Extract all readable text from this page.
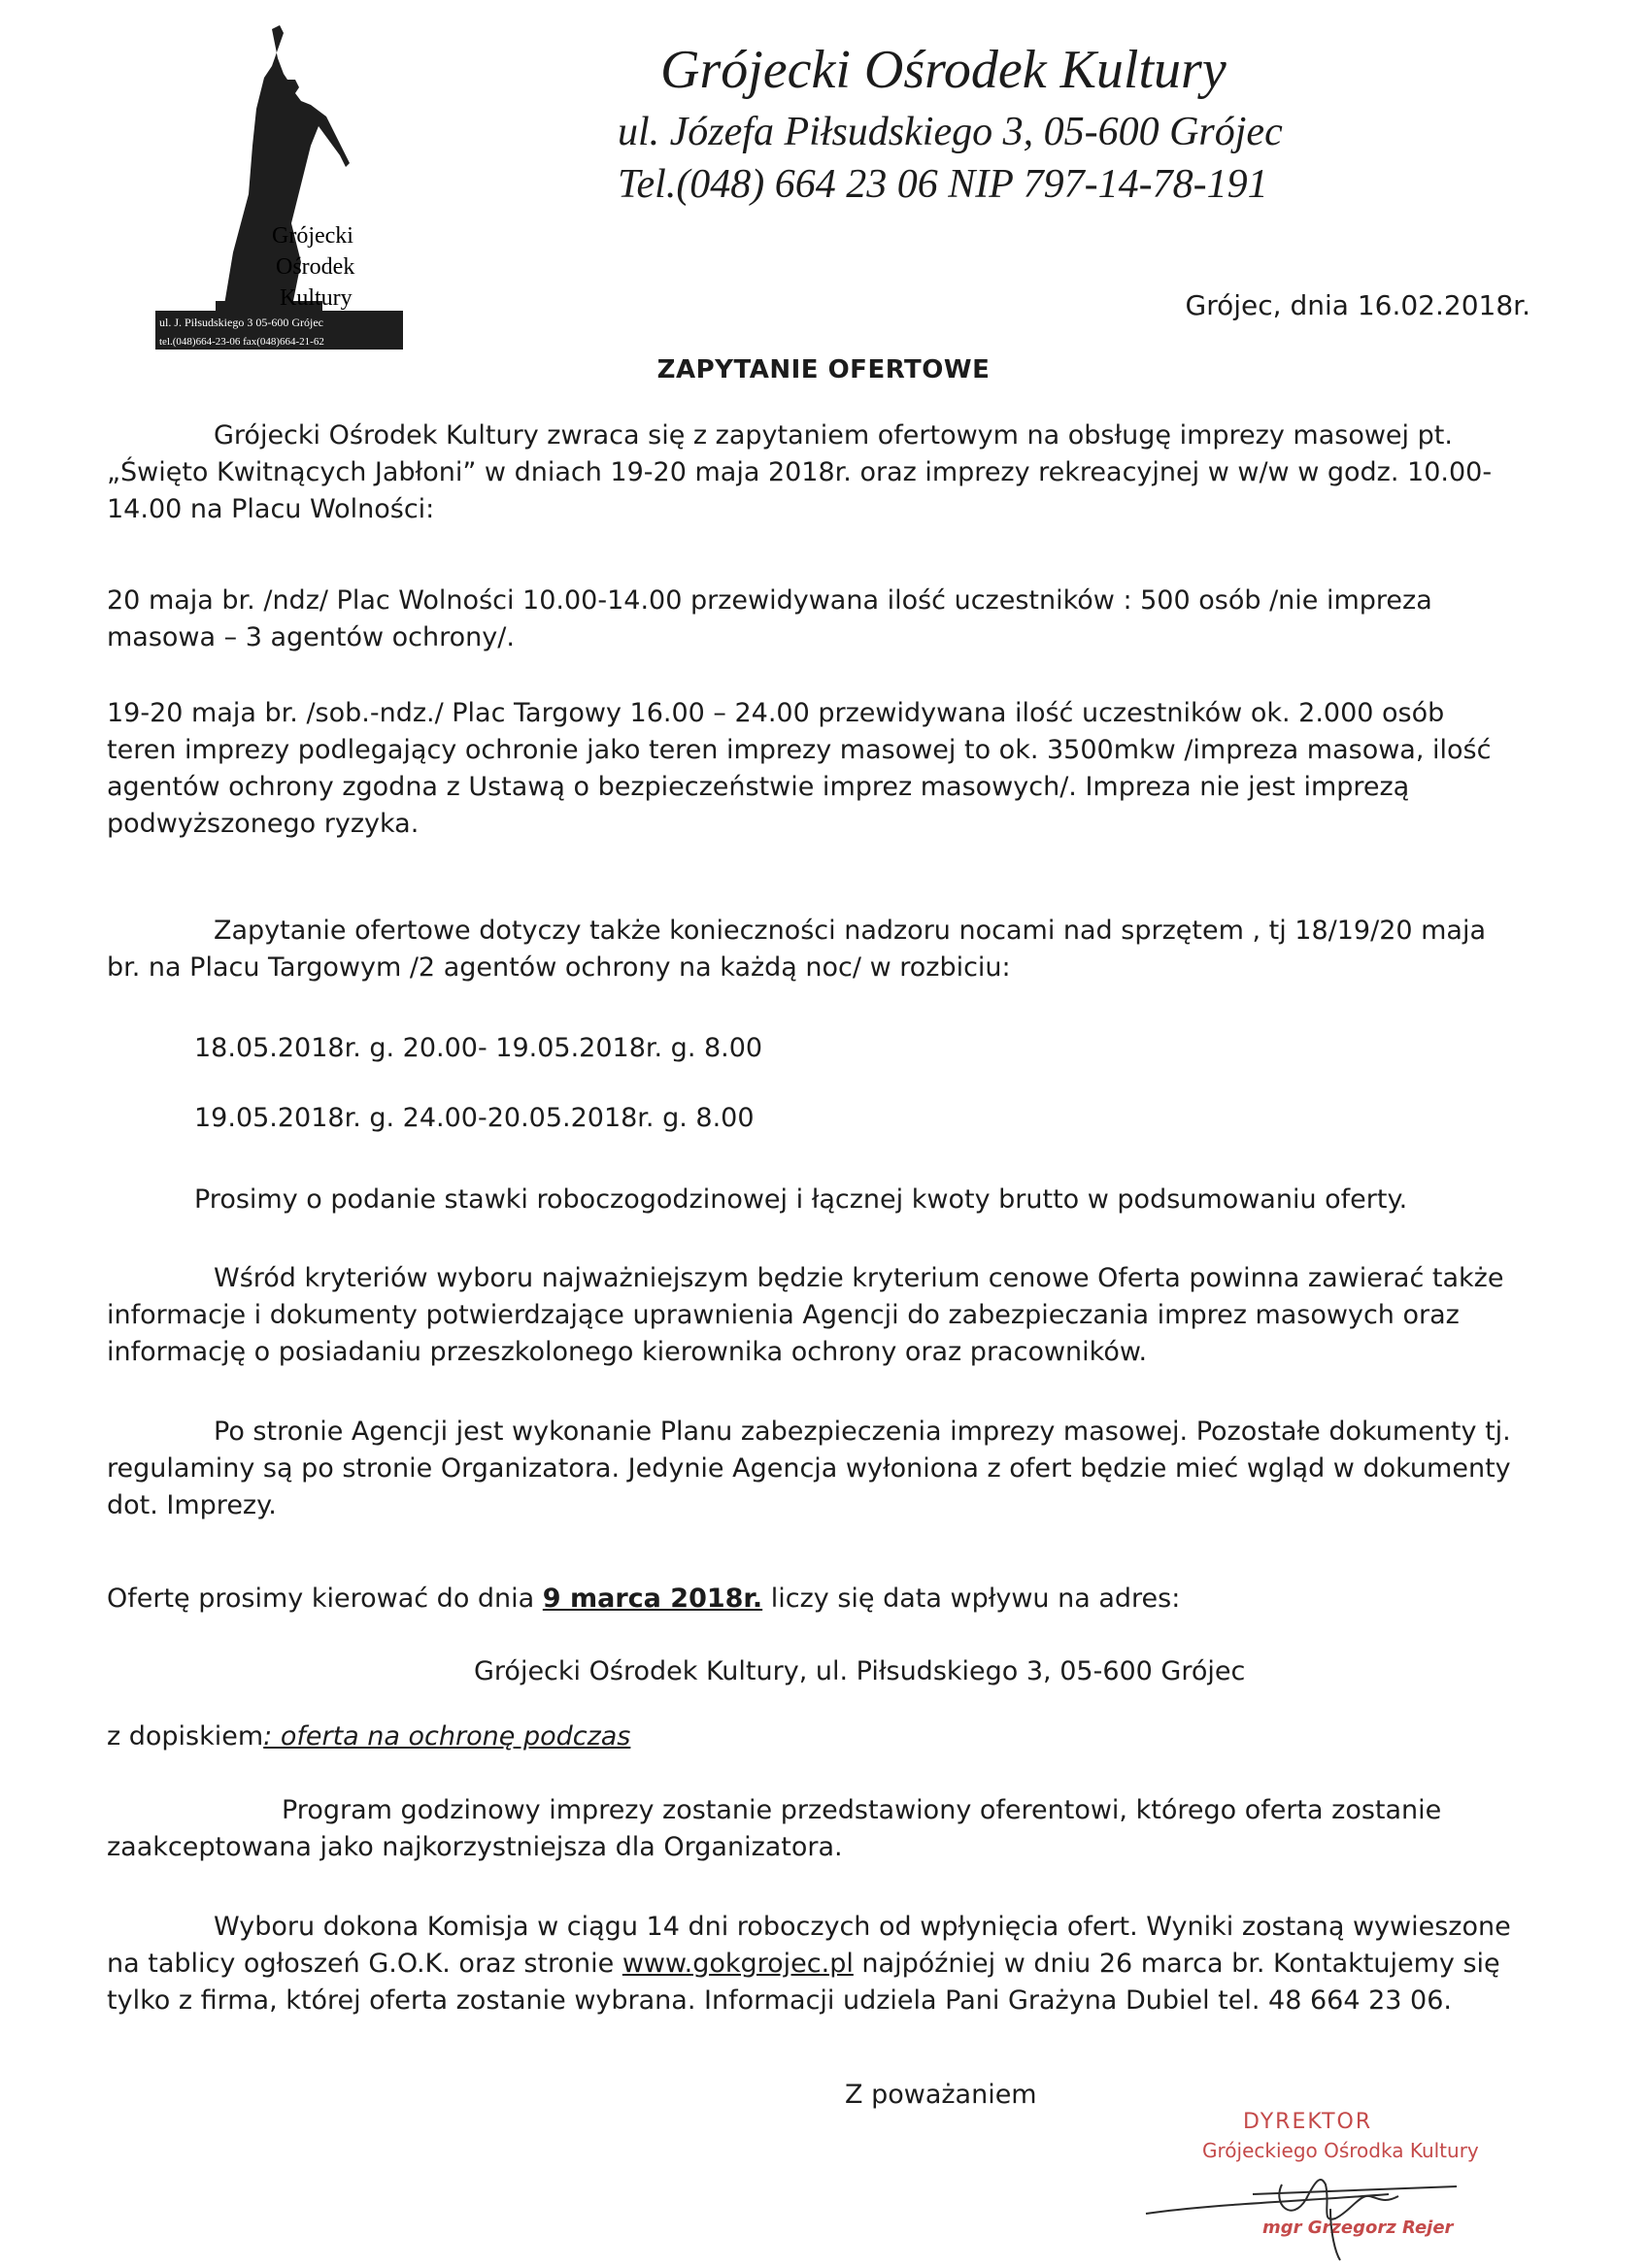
Grójecki
Ośrodek
Kultury
ul. J. Piłsudskiego 3 05-600 Grójec
tel.(048)664-23-06 fax(048)664-21-62
Grójecki Ośrodek Kultury
ul. Józefa Piłsudskiego 3, 05-600 Grójec
Tel.(048) 664 23 06 NIP 797-14-78-191
Grójec, dnia 16.02.2018r.
ZAPYTANIE OFERTOWE
Grójecki Ośrodek Kultury zwraca się z zapytaniem ofertowym na obsługę imprezy masowej pt. „Święto Kwitnących Jabłoni” w dniach 19-20 maja 2018r. oraz imprezy rekreacyjnej w w/w w godz. 10.00-14.00 na Placu Wolności:
20 maja br. /ndz/ Plac Wolności 10.00-14.00 przewidywana ilość uczestników : 500 osób /nie impreza masowa – 3 agentów ochrony/.
19-20 maja br. /sob.-ndz./ Plac Targowy 16.00 – 24.00 przewidywana ilość uczestników ok. 2.000 osób teren imprezy podlegający ochronie jako teren imprezy masowej to ok. 3500mkw /impreza masowa, ilość agentów ochrony zgodna z Ustawą o bezpieczeństwie imprez masowych/. Impreza nie jest imprezą podwyższonego ryzyka.
Zapytanie ofertowe dotyczy także konieczności nadzoru nocami nad sprzętem , tj 18/19/20 maja br. na Placu Targowym /2 agentów ochrony na każdą noc/ w rozbiciu:
18.05.2018r. g. 20.00- 19.05.2018r. g. 8.00
19.05.2018r. g. 24.00-20.05.2018r. g. 8.00
Prosimy o podanie stawki roboczogodzinowej i łącznej kwoty brutto w podsumowaniu oferty.
Wśród kryteriów wyboru najważniejszym będzie kryterium cenowe Oferta powinna zawierać także informacje i dokumenty potwierdzające uprawnienia Agencji do zabezpieczania imprez masowych oraz informację o posiadaniu przeszkolonego kierownika ochrony oraz pracowników.
Po stronie Agencji jest wykonanie Planu zabezpieczenia imprezy masowej. Pozostałe dokumenty tj. regulaminy są po stronie Organizatora. Jedynie Agencja wyłoniona z ofert będzie mieć wgląd w dokumenty dot. Imprezy.
Ofertę prosimy kierować do dnia 9 marca 2018r. liczy się data wpływu na adres:
Grójecki Ośrodek Kultury, ul. Piłsudskiego 3, 05-600 Grójec
z dopiskiem: oferta na ochronę podczas
Program godzinowy imprezy zostanie przedstawiony oferentowi, którego oferta zostanie zaakceptowana jako najkorzystniejsza dla Organizatora.
Wyboru dokona Komisja w ciągu 14 dni roboczych od wpłynięcia ofert. Wyniki zostaną wywieszone na tablicy ogłoszeń G.O.K. oraz stronie www.gokgrojec.pl najpóźniej w dniu 26 marca br. Kontaktujemy się tylko z firma, której oferta zostanie wybrana. Informacji udziela Pani Grażyna Dubiel tel. 48 664 23 06.
Z poważaniem
DYREKTOR
Grójeckiego Ośrodka Kultury
mgr Grzegorz Rejer
